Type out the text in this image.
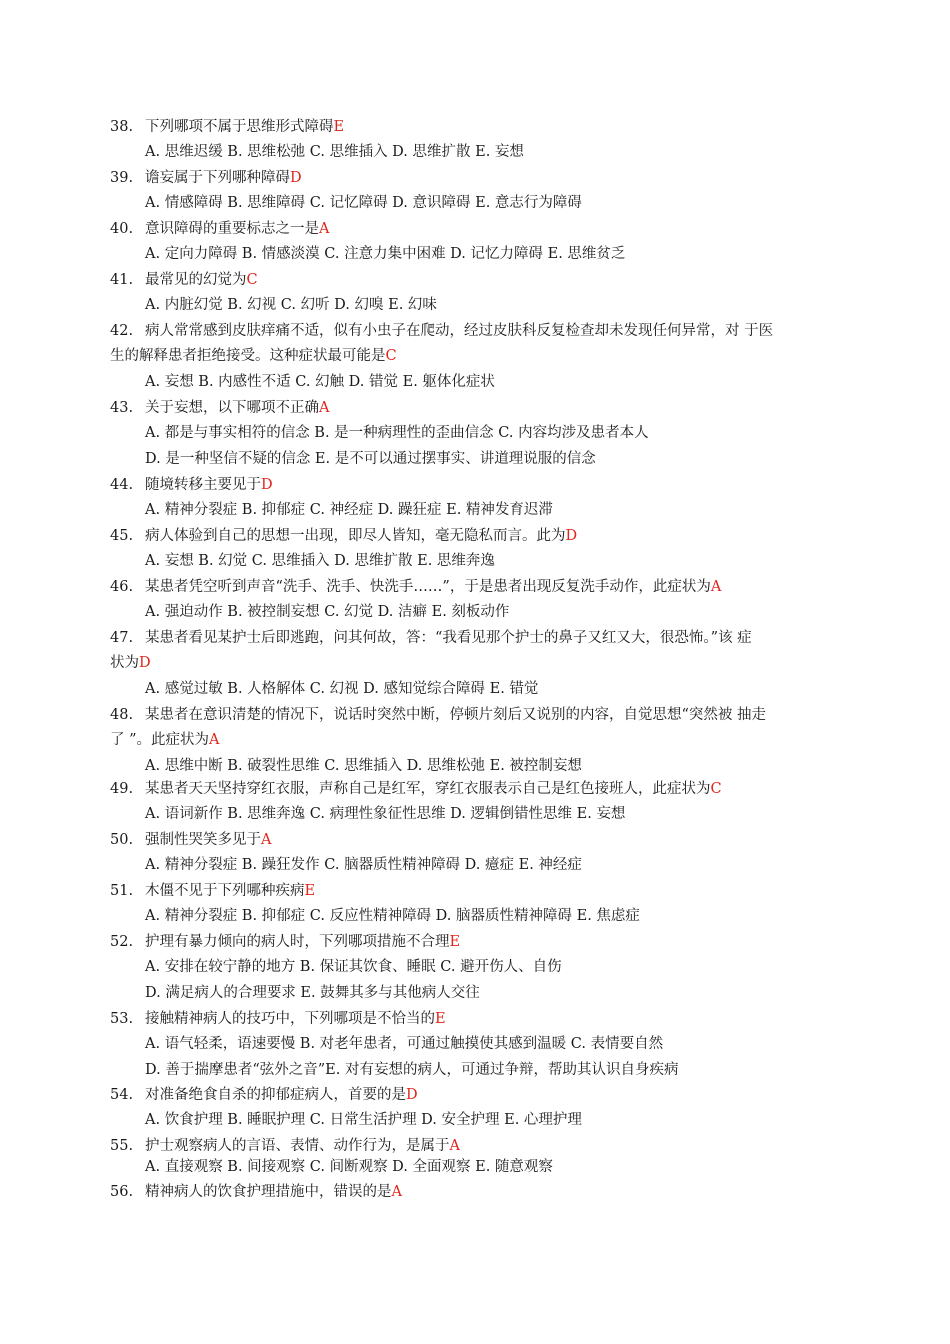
38. 下列哪项不属于思维形式障碍E
A. 思维迟缓 B. 思维松弛 C. 思维插入 D. 思维扩散 E. 妄想
39. 谵妄属于下列哪种障碍D
A. 情感障碍 B. 思维障碍 C. 记忆障碍 D. 意识障碍 E. 意志行为障碍
40. 意识障碍的重要标志之一是A
A. 定向力障碍 B. 情感淡漠 C. 注意力集中困难 D. 记忆力障碍 E. 思维贫乏
41. 最常见的幻觉为C
A. 内脏幻觉 B. 幻视 C. 幻听 D. 幻嗅 E. 幻味
42. 病人常常感到皮肤痒痛不适，似有小虫子在爬动，经过皮肤科反复检查却未发现任何异常，对 于医
生的解释患者拒绝接受。这种症状最可能是C
A. 妄想 B. 内感性不适 C. 幻触 D. 错觉 E. 躯体化症状
43. 关于妄想，以下哪项不正确A
A. 都是与事实相符的信念 B. 是一种病理性的歪曲信念 C. 内容均涉及患者本人
D. 是一种坚信不疑的信念 E. 是不可以通过摆事实、讲道理说服的信念
44. 随境转移主要见于D
A. 精神分裂症 B. 抑郁症 C. 神经症 D. 躁狂症 E. 精神发育迟滞
45. 病人体验到自己的思想一出现，即尽人皆知，毫无隐私而言。此为D
A. 妄想 B. 幻觉 C. 思维插入 D. 思维扩散 E. 思维奔逸
46. 某患者凭空听到声音“洗手、洗手、快洗手……”，于是患者出现反复洗手动作，此症状为A
A. 强迫动作 B. 被控制妄想 C. 幻觉 D. 洁癖 E. 刻板动作
47. 某患者看见某护士后即逃跑，问其何故，答：“我看见那个护士的鼻子又红又大，很恐怖。”该 症
状为D
A. 感觉过敏 B. 人格解体 C. 幻视 D. 感知觉综合障碍 E. 错觉
48. 某患者在意识清楚的情况下，说话时突然中断，停顿片刻后又说别的内容，自觉思想“突然被 抽走
了 ”。此症状为A
A. 思维中断 B. 破裂性思维 C. 思维插入 D. 思维松弛 E. 被控制妄想
49. 某患者天天坚持穿红衣服，声称自己是红军，穿红衣服表示自己是红色接班人，此症状为C
A. 语词新作 B. 思维奔逸 C. 病理性象征性思维 D. 逻辑倒错性思维 E. 妄想
50. 强制性哭笑多见于A
A. 精神分裂症 B. 躁狂发作 C. 脑器质性精神障碍 D. 癔症 E. 神经症
51. 木僵不见于下列哪种疾病E
A. 精神分裂症 B. 抑郁症 C. 反应性精神障碍 D. 脑器质性精神障碍 E. 焦虑症
52. 护理有暴力倾向的病人时，下列哪项措施不合理E
A. 安排在较宁静的地方 B. 保证其饮食、睡眠 C. 避开伤人、自伤
D. 满足病人的合理要求 E. 鼓舞其多与其他病人交往
53. 接触精神病人的技巧中，下列哪项是不恰当的E
A. 语气轻柔，语速要慢 B. 对老年患者，可通过触摸使其感到温暖 C. 表情要自然
D. 善于揣摩患者“弦外之音”E. 对有妄想的病人，可通过争辩，帮助其认识自身疾病
54. 对准备绝食自杀的抑郁症病人，首要的是D
A. 饮食护理 B. 睡眠护理 C. 日常生活护理 D. 安全护理 E. 心理护理
55. 护士观察病人的言语、表情、动作行为，是属于A
A. 直接观察 B. 间接观察 C. 间断观察 D. 全面观察 E. 随意观察
56. 精神病人的饮食护理措施中，错误的是A
